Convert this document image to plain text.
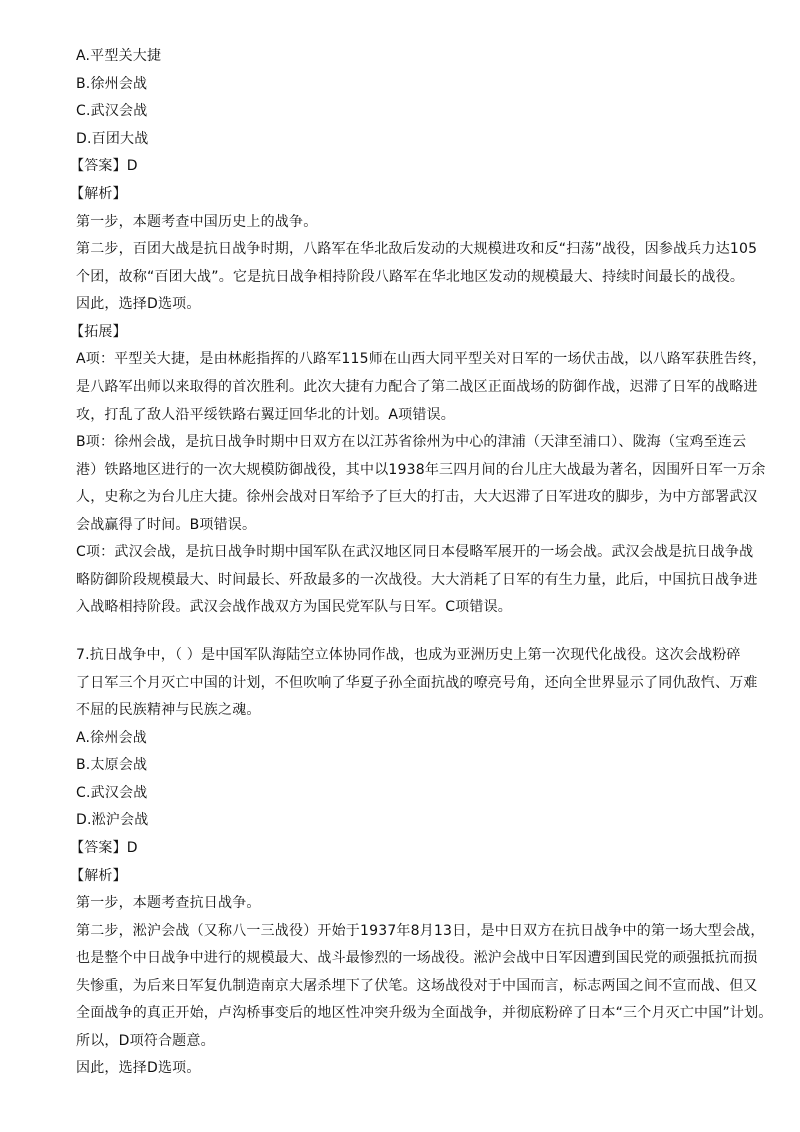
A.平型关大捷
B.徐州会战
C.武汉会战
D.百团大战
【答案】D
【解析】
第一步，本题考查中国历史上的战争。
第二步，百团大战是抗日战争时期，八路军在华北敌后发动的大规模进攻和反“扫荡”战役，因参战兵力达105
个团，故称“百团大战”。它是抗日战争相持阶段八路军在华北地区发动的规模最大、持续时间最长的战役。
因此，选择D选项。
【拓展】
A项：平型关大捷，是由林彪指挥的八路军115师在山西大同平型关对日军的一场伏击战，以八路军获胜告终，
是八路军出师以来取得的首次胜利。此次大捷有力配合了第二战区正面战场的防御作战，迟滞了日军的战略进
攻，打乱了敌人沿平绥铁路右翼迂回华北的计划。A项错误。
B项：徐州会战，是抗日战争时期中日双方在以江苏省徐州为中心的津浦（天津至浦口）、陇海（宝鸡至连云
港）铁路地区进行的一次大规模防御战役，其中以1938年三四月间的台儿庄大战最为著名，因围歼日军一万余
人，史称之为台儿庄大捷。徐州会战对日军给予了巨大的打击，大大迟滞了日军进攻的脚步，为中方部署武汉
会战赢得了时间。B项错误。
C项：武汉会战，是抗日战争时期中国军队在武汉地区同日本侵略军展开的一场会战。武汉会战是抗日战争战
略防御阶段规模最大、时间最长、歼敌最多的一次战役。大大消耗了日军的有生力量，此后，中国抗日战争进
入战略相持阶段。武汉会战作战双方为国民党军队与日军。C项错误。
7.抗日战争中，（ ）是中国军队海陆空立体协同作战，也成为亚洲历史上第一次现代化战役。这次会战粉碎
了日军三个月灭亡中国的计划，不但吹响了华夏子孙全面抗战的嘹亮号角，还向全世界显示了同仇敌忾、万难
不屈的民族精神与民族之魂。
A.徐州会战
B.太原会战
C.武汉会战
D.淞沪会战
【答案】D
【解析】
第一步，本题考查抗日战争。
第二步，淞沪会战（又称八一三战役）开始于1937年8月13日，是中日双方在抗日战争中的第一场大型会战，
也是整个中日战争中进行的规模最大、战斗最惨烈的一场战役。淞沪会战中日军因遭到国民党的顽强抵抗而损
失惨重，为后来日军复仇制造南京大屠杀埋下了伏笔。这场战役对于中国而言，标志两国之间不宣而战、但又
全面战争的真正开始，卢沟桥事变后的地区性冲突升级为全面战争，并彻底粉碎了日本“三个月灭亡中国”计划。
所以，D项符合题意。
因此，选择D选项。
